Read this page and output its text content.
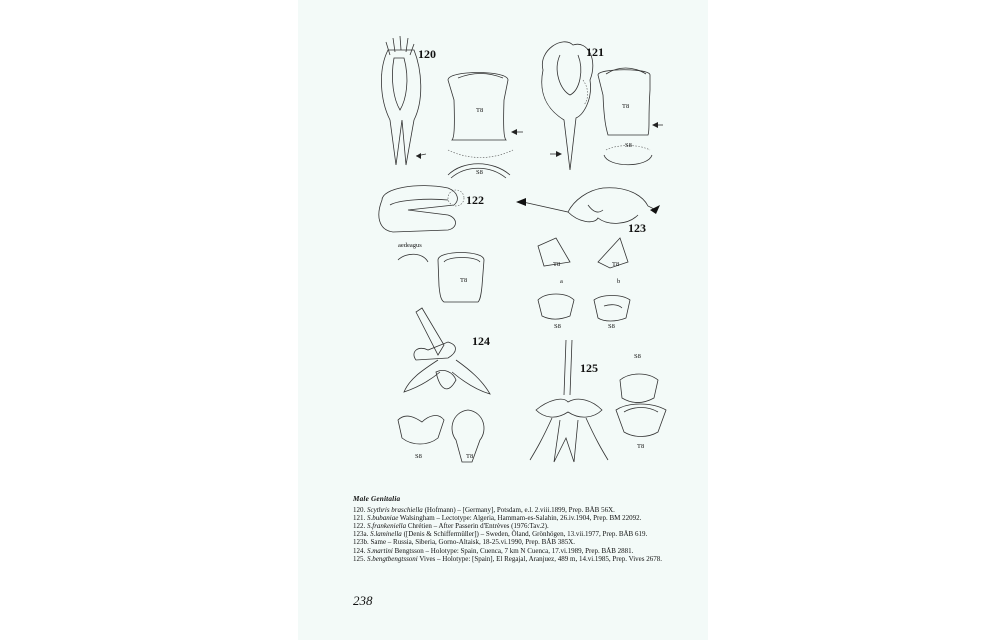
120
T8
S8
121
T8
S8
122
aedeagus
T8
123
T8	T8
a	b
S8	S8
124
S8	T8
125
S8
T8
Male Genitalia
120. Scythris braschiella (Hofmann) – [Germany], Potsdam, e.l. 2.viii.1899, Prep. BÅB 56X.
121. S.bubaniae Walsingham – Lectotype: Algeria, Hammam-es-Salahin, 26.iv.1904, Prep. BM 22092.
122. S.frankeniella Chrétien – After Passerin d'Entrèves (1976:Tav.2).
123a. S.laminella ([Denis & Schiffermüller]) – Sweden, Öland, Grönhögen, 13.vii.1977, Prep. BÅB 619.
123b. Same – Russia, Siberia, Gorno-Altaisk, 18-25.vi.1990, Prep. BÅB 385X.
124. S.martini Bengtsson – Holotype: Spain, Cuenca, 7 km N Cuenca, 17.vi.1989, Prep. BÅB 2881.
125. S.bengtbengtssoni Vives – Holotype: [Spain], El Regajal, Aranjuez, 489 m, 14.vi.1985, Prep. Vives 2678.
238
